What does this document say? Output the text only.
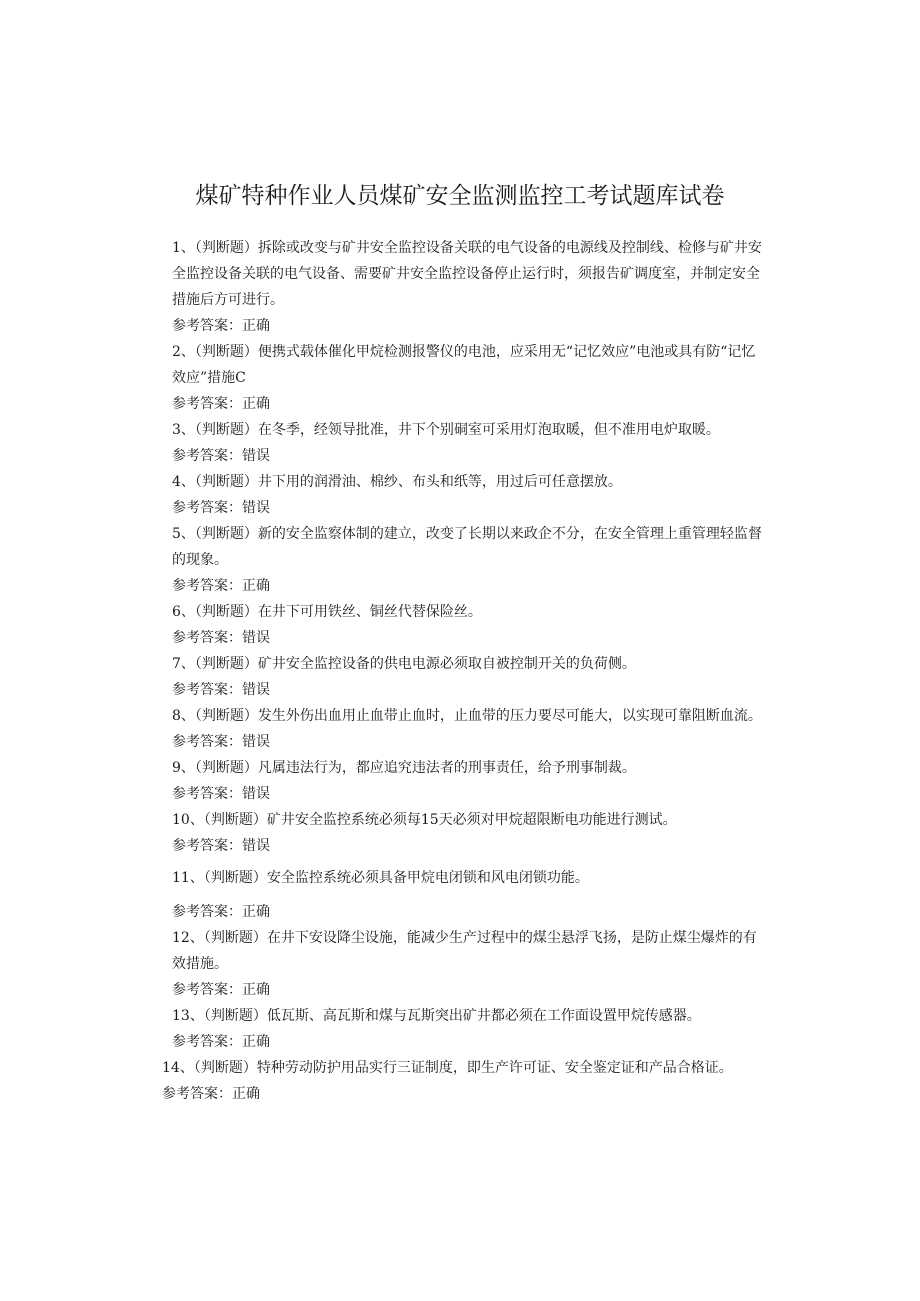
煤矿特种作业人员煤矿安全监测监控工考试题库试卷

1、（判断题）拆除或改变与矿井安全监控设备关联的电气设备的电源线及控制线、检修与矿井安全监控设备关联的电气设备、需要矿井安全监控设备停止运行时，须报告矿调度室，并制定安全措施后方可进行。

参考答案：正确

2、（判断题）便携式载体催化甲烷检测报警仪的电池，应采用无“记忆效应”电池或具有防“记忆效应”措施C

参考答案：正确

3、（判断题）在冬季，经领导批准，井下个别硐室可采用灯泡取暖，但不准用电炉取暖。

参考答案：错误

4、（判断题）井下用的润滑油、棉纱、布头和纸等，用过后可任意摆放。

参考答案：错误

5、（判断题）新的安全监察体制的建立，改变了长期以来政企不分，在安全管理上重管理轻监督的现象。

参考答案：正确

6、（判断题）在井下可用铁丝、铜丝代替保险丝。

参考答案：错误

7、（判断题）矿井安全监控设备的供电电源必须取自被控制开关的负荷侧。

参考答案：错误

8、（判断题）发生外伤出血用止血带止血时，止血带的压力要尽可能大，以实现可靠阻断血流。

参考答案：错误

9、（判断题）凡属违法行为，都应追究违法者的刑事责任，给予刑事制裁。

参考答案：错误

10、（判断题）矿井安全监控系统必须每15天必须对甲烷超限断电功能进行测试。

参考答案：错误

11、（判断题）安全监控系统必须具备甲烷电闭锁和风电闭锁功能。

参考答案：正确

12、（判断题）在井下安设降尘设施，能减少生产过程中的煤尘悬浮飞扬，是防止煤尘爆炸的有效措施。

参考答案：正确

13、（判断题）低瓦斯、高瓦斯和煤与瓦斯突出矿井都必须在工作面设置甲烷传感器。

参考答案：正确

14、（判断题）特种劳动防护用品实行三证制度，即生产许可证、安全鉴定证和产品合格证。

参考答案：正确
